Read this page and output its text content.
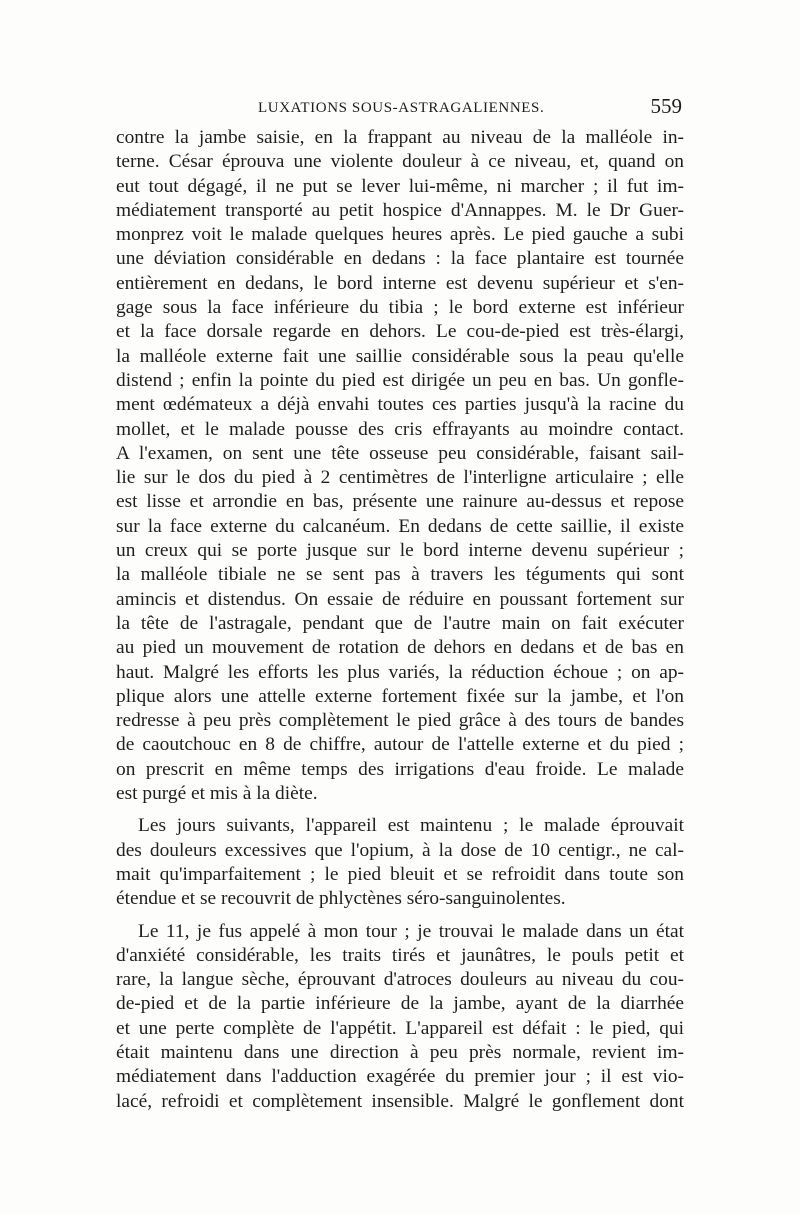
LUXATIONS SOUS-ASTRAGALIENNES.	559

contre la jambe saisie, en la frappant au niveau de la malléole in-

terne. César éprouva une violente douleur à ce niveau, et, quand on

eut tout dégagé, il ne put se lever lui-même, ni marcher ; il fut im-

médiatement transporté au petit hospice d'Annappes. M. le Dr Guer-

monprez voit le malade quelques heures après. Le pied gauche a subi

une déviation considérable en dedans : la face plantaire est tournée

entièrement en dedans, le bord interne est devenu supérieur et s'en-

gage sous la face inférieure du tibia ; le bord externe est inférieur

et la face dorsale regarde en dehors. Le cou-de-pied est très-élargi,

la malléole externe fait une saillie considérable sous la peau qu'elle

distend ; enfin la pointe du pied est dirigée un peu en bas. Un gonfle-

ment œdémateux a déjà envahi toutes ces parties jusqu'à la racine du

mollet, et le malade pousse des cris effrayants au moindre contact.

A l'examen, on sent une tête osseuse peu considérable, faisant sail-

lie sur le dos du pied à 2 centimètres de l'interligne articulaire ; elle

est lisse et arrondie en bas, présente une rainure au-dessus et repose

sur la face externe du calcanéum. En dedans de cette saillie, il existe

un creux qui se porte jusque sur le bord interne devenu supérieur ;

la malléole tibiale ne se sent pas à travers les téguments qui sont

amincis et distendus. On essaie de réduire en poussant fortement sur

la tête de l'astragale, pendant que de l'autre main on fait exécuter

au pied un mouvement de rotation de dehors en dedans et de bas en

haut. Malgré les efforts les plus variés, la réduction échoue ; on ap-

plique alors une attelle externe fortement fixée sur la jambe, et l'on

redresse à peu près complètement le pied grâce à des tours de bandes

de caoutchouc en 8 de chiffre, autour de l'attelle externe et du pied ;

on prescrit en même temps des irrigations d'eau froide. Le malade

est purgé et mis à la diète.

Les jours suivants, l'appareil est maintenu ; le malade éprouvait

des douleurs excessives que l'opium, à la dose de 10 centigr., ne cal-

mait qu'imparfaitement ; le pied bleuit et se refroidit dans toute son

étendue et se recouvrit de phlyctènes séro-sanguinolentes.

Le 11, je fus appelé à mon tour ; je trouvai le malade dans un état

d'anxiété considérable, les traits tirés et jaunâtres, le pouls petit et

rare, la langue sèche, éprouvant d'atroces douleurs au niveau du cou-

de-pied et de la partie inférieure de la jambe, ayant de la diarrhée

et une perte complète de l'appétit. L'appareil est défait : le pied, qui

était maintenu dans une direction à peu près normale, revient im-

médiatement dans l'adduction exagérée du premier jour ; il est vio-

lacé, refroidi et complètement insensible. Malgré le gonflement dont
